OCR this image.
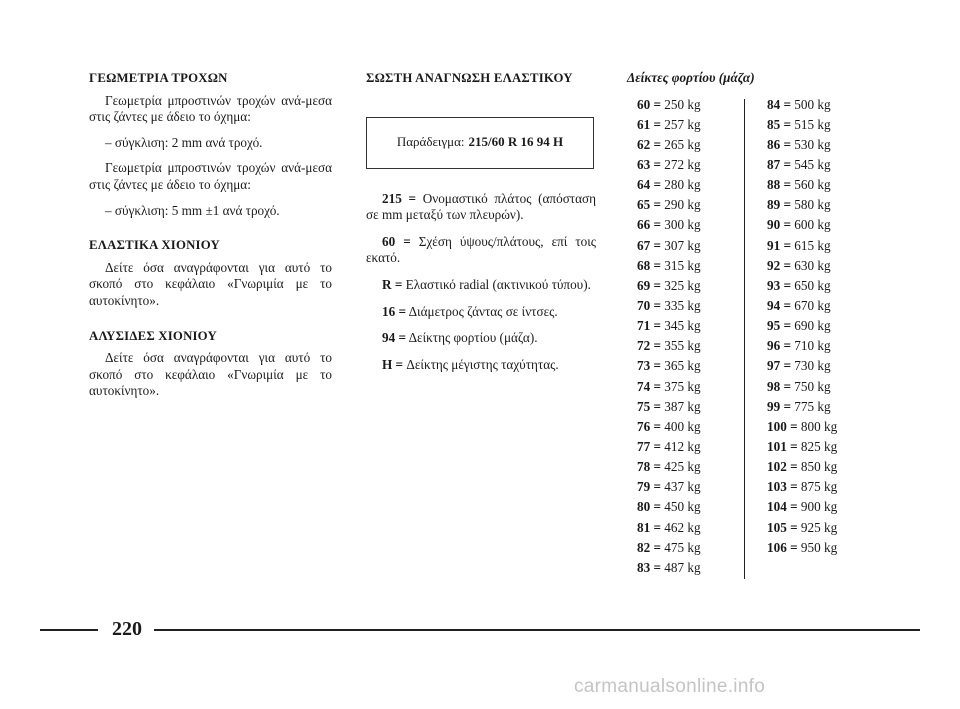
ΓΕΩΜΕΤΡΙΑ ΤΡΟΧΩΝ

Γεωμετρία μπροστινών τροχών ανά-μεσα στις ζάντες με άδειο το όχημα:

– σύγκλιση: 2 mm ανά τροχό.

Γεωμετρία μπροστινών τροχών ανά-μεσα στις ζάντες με άδειο το όχημα:

– σύγκλιση: 5 mm ±1 ανά τροχό.

ΕΛΑΣΤΙΚΑ ΧΙΟΝΙΟΥ

Δείτε όσα αναγράφονται για αυτό το σκοπό στο κεφάλαιο «Γνωριμία με το αυτοκίνητο».

ΑΛΥΣΙΔΕΣ ΧΙΟΝΙΟΥ

Δείτε όσα αναγράφονται για αυτό το σκοπό στο κεφάλαιο «Γνωριμία με το αυτοκίνητο».

ΣΩΣΤΗ ΑΝΑΓΝΩΣΗ ΕΛΑΣΤΙΚΟΥ
Παράδειγμα: 215/60 R 16 94 H

215 = Ονομαστικό πλάτος (απόσταση σε mm μεταξύ των πλευρών).

60 = Σχέση ύψους/πλάτους, επί τοις εκατό.

R = Ελαστικό radial (ακτινικού τύπου).

16 = Διάμετρος ζάντας σε ίντσες.

94 = Δείκτης φορτίου (μάζα).

H = Δείκτης μέγιστης ταχύτητας.

Δείκτες φορτίου (μάζα)
60 = 250 kg
61 = 257 kg
62 = 265 kg
63 = 272 kg
64 = 280 kg
65 = 290 kg
66 = 300 kg
67 = 307 kg
68 = 315 kg
69 = 325 kg
70 = 335 kg
71 = 345 kg
72 = 355 kg
73 = 365 kg
74 = 375 kg
75 = 387 kg
76 = 400 kg
77 = 412 kg
78 = 425 kg
79 = 437 kg
80 = 450 kg
81 = 462 kg
82 = 475 kg
83 = 487 kg
84 = 500 kg
85 = 515 kg
86 = 530 kg
87 = 545 kg
88 = 560 kg
89 = 580 kg
90 = 600 kg
91 = 615 kg
92 = 630 kg
93 = 650 kg
94 = 670 kg
95 = 690 kg
96 = 710 kg
97 = 730 kg
98 = 750 kg
99 = 775 kg
100 = 800 kg
101 = 825 kg
102 = 850 kg
103 = 875 kg
104 = 900 kg
105 = 925 kg
106 = 950 kg
220
carmanualsonline.info
